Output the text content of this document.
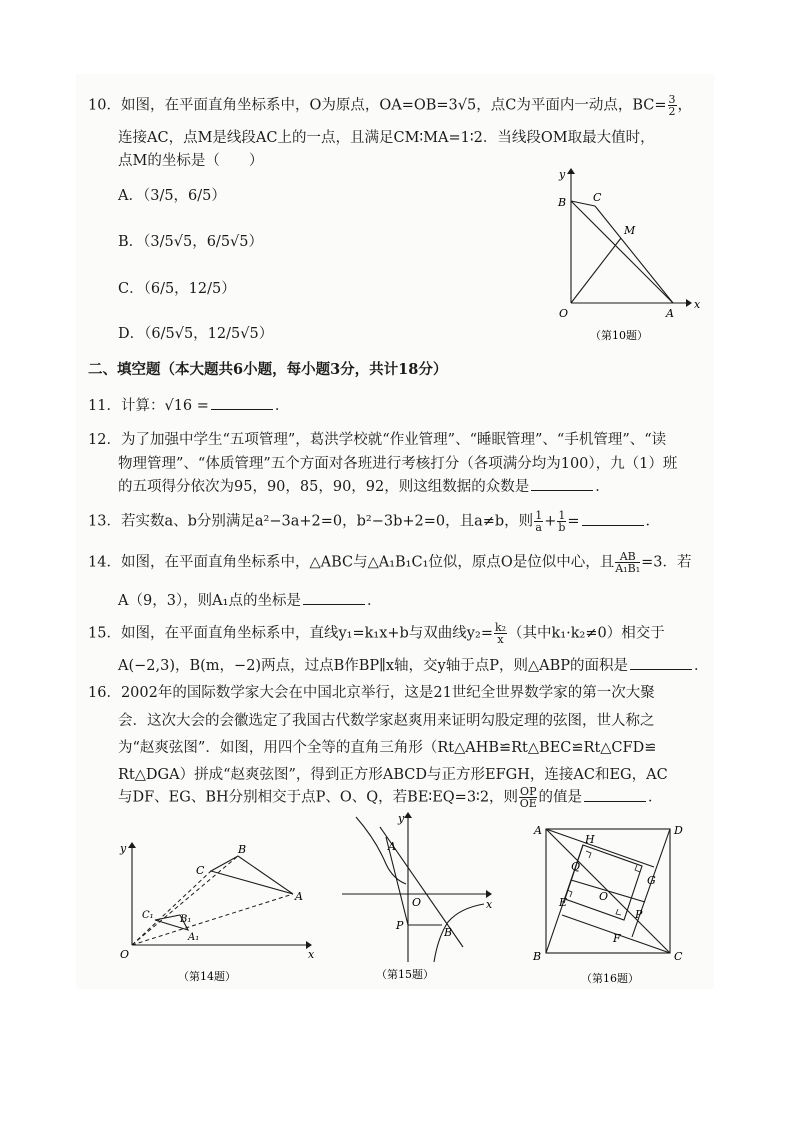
10．如图，在平面直角坐标系中，O为原点，OA=OB=3√5，点C为平面内一动点，$BC= \frac{3}{2}$ ，
连接AC，点M是线段AC上的一点，且满足CM∶MA=1∶2．当线段OM取最大值时，
点M的坐标是（　　）
A．（3/5，6/5）
B．（3/5√5，6/5√5）
C．（6/5，12/5）
D．（6/5√5，12/5√5）
y
B C
M
O	A
x
（第10题）
二、填空题（本大题共6小题，每小题3分，共计18分）
11．计算：√16 =	．
12．为了加强中学生“五项管理”，葛洪学校就“作业管理”、“睡眠管理”、“手机管理”、“读
物理管理”、“体质管理”五个方面对各班进行考核打分（各项满分均为100），九（1）班
的五项得分依次为95，90，85，90，92，则这组数据的众数是	．
13．若实数a、b分别满足a²−3a+2=0，b²−3b+2=0，且a≠b，则 $\frac{1}{a} + \frac{1}{b}$ =	．
14．如图，在平面直角坐标系中，△ABC与△A₁B₁C₁位似，原点O是位似中心，且 $\frac{AB}{\text{A₁B₁}} =3$．若
A（9，3），则A₁点的坐标是	．
15．如图，在平面直角坐标系中，直线y₁=k₁x+b与双曲线$y_2= \frac{\text{k₂}}{x}$ （其中k₁·k₂≠0）相交于
A(−2,3)，B(m，−2)两点，过点B作BP∥x轴，交y轴于点P，则△ABP的面积是	．
16．2002年的国际数学家大会在中国北京举行，这是21世纪全世界数学家的第一次大聚
会．这次大会的会徽选定了我国古代数学家赵爽用来证明勾股定理的弦图，世人称之
为“赵爽弦图”．如图，用四个全等的直角三角形（Rt△AHB≌Rt△BEC≌Rt△CFD≌
Rt△DGA）拼成“赵爽弦图”，得到正方形ABCD与正方形EFGH，连接AC和EG，AC
与DF、EG、BH分别相交于点P、O、Q，若BE∶EQ=3∶2，则 $\frac{OP}{OE}$ 的值是	．
y
C
B
A
C₁	B₁
A₁
O	x
（第14题）
y
A
O	x
P
B
（第15题）
A	D
H
Q
G
E	O
P
F
B	C
（第16题）
